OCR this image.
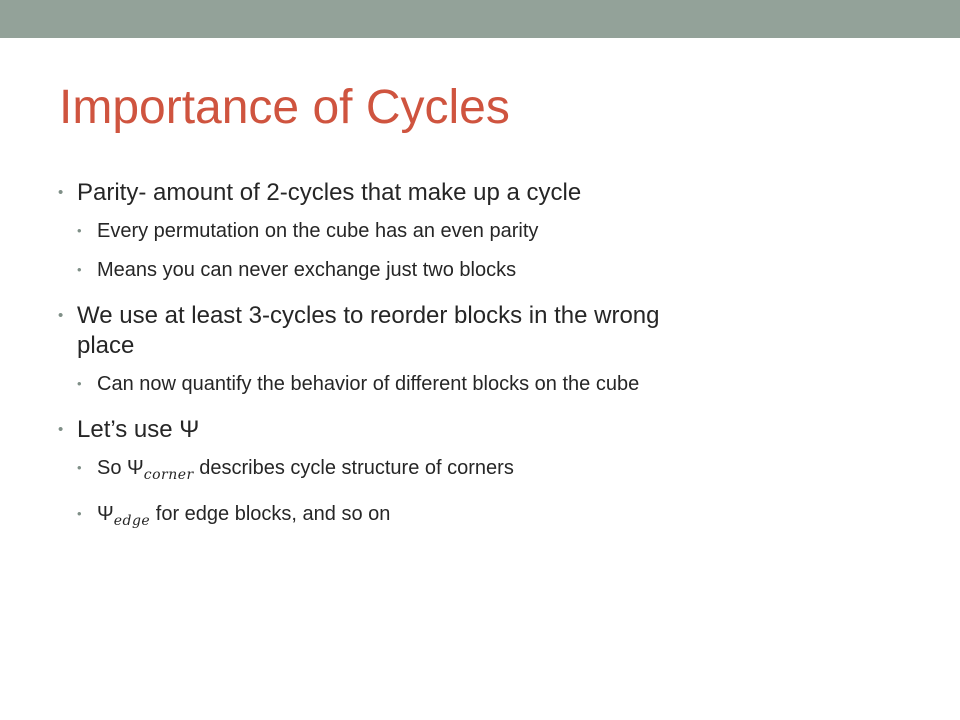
Importance of Cycles
• Parity- amount of 2-cycles that make up a cycle
• Every permutation on the cube has an even parity
• Means you can never exchange just two blocks
• We use at least 3-cycles to reorder blocks in the wrong
place
• Can now quantify the behavior of different blocks on the cube
• Let’s use Ψ
• So $\Psi_{corner}$ describes cycle structure of corners
• $\Psi_{edge}$ for edge blocks, and so on
